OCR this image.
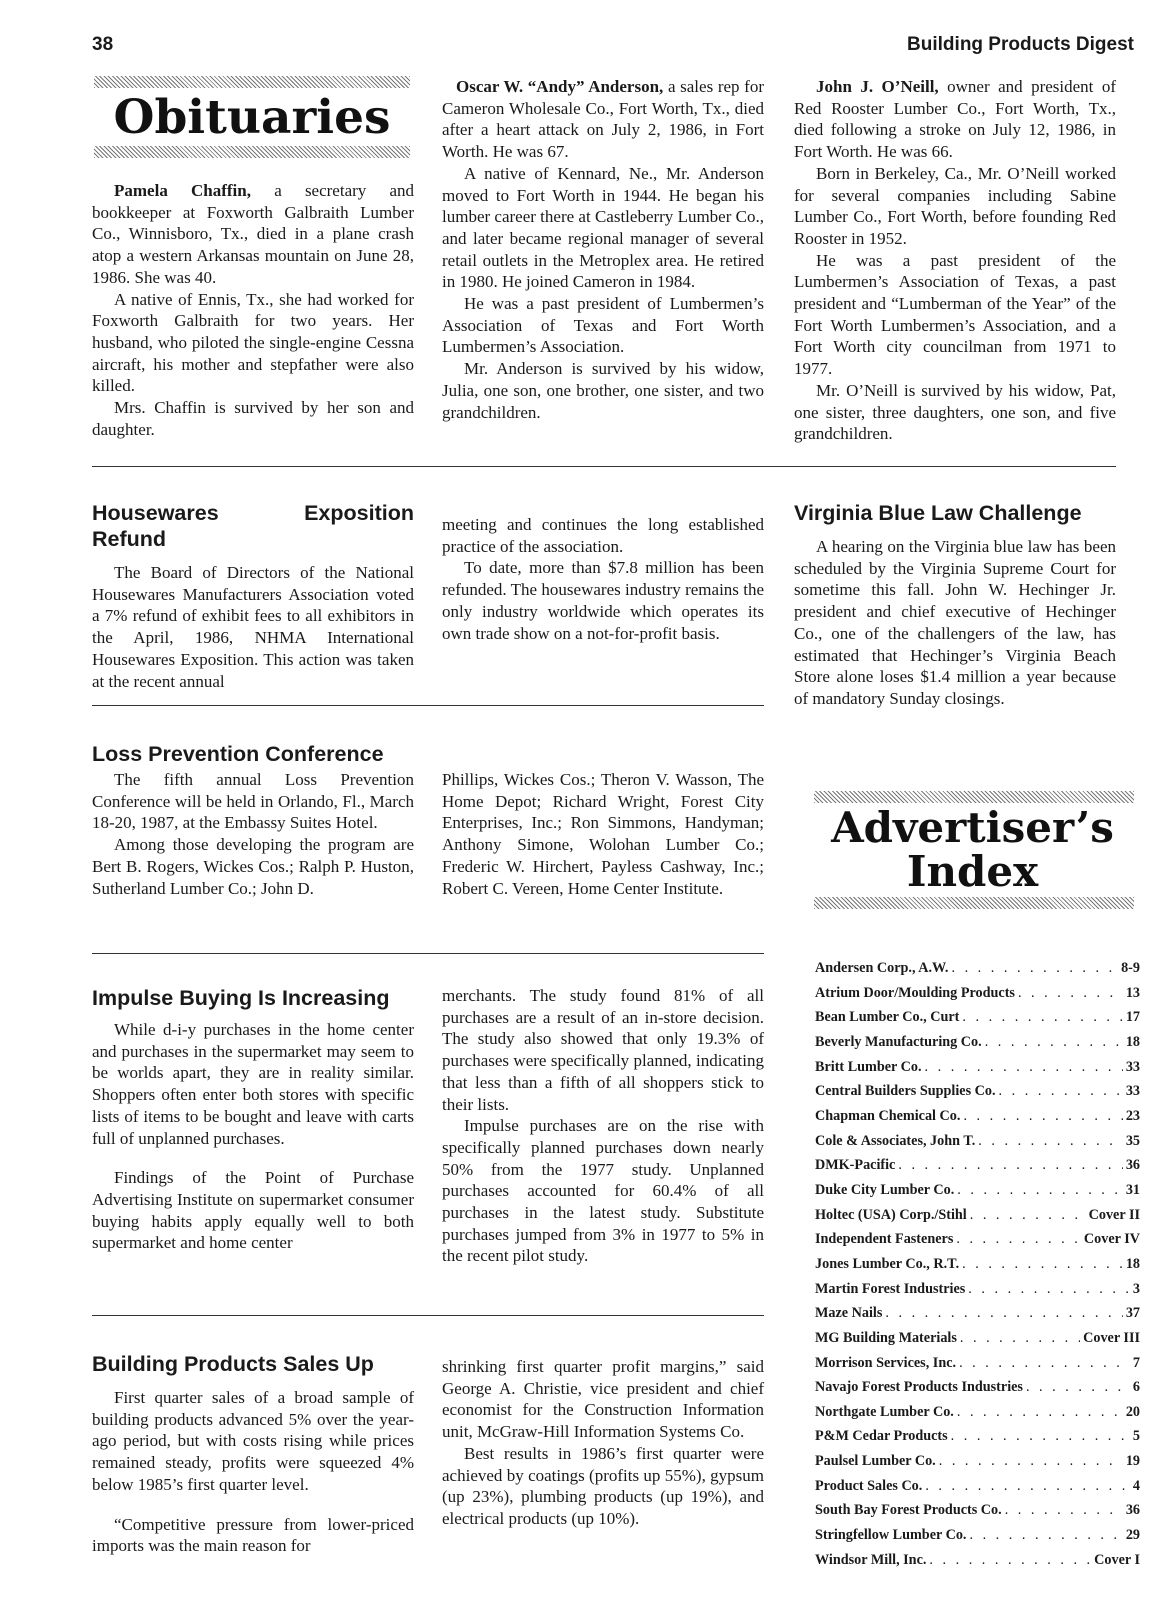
38	Building Products Digest
Obituaries

Pamela Chaffin, a secretary and bookkeeper at Foxworth Galbraith Lumber Co., Winnisboro, Tx., died in a plane crash atop a western Arkansas mountain on June 28, 1986. She was 40.

A native of Ennis, Tx., she had worked for Foxworth Galbraith for two years. Her husband, who piloted the single-engine Cessna aircraft, his mother and stepfather were also killed.

Mrs. Chaffin is survived by her son and daughter.

Oscar W. “Andy” Anderson, a sales rep for Cameron Wholesale Co., Fort Worth, Tx., died after a heart attack on July 2, 1986, in Fort Worth. He was 67.

A native of Kennard, Ne., Mr. Anderson moved to Fort Worth in 1944. He began his lumber career there at Castleberry Lumber Co., and later became regional manager of several retail outlets in the Metroplex area. He retired in 1980. He joined Cameron in 1984.

He was a past president of Lumbermen’s Association of Texas and Fort Worth Lumbermen’s Association.

Mr. Anderson is survived by his widow, Julia, one son, one brother, one sister, and two grandchildren.

John J. O’Neill, owner and president of Red Rooster Lumber Co., Fort Worth, Tx., died following a stroke on July 12, 1986, in Fort Worth. He was 66.

Born in Berkeley, Ca., Mr. O’Neill worked for several companies including Sabine Lumber Co., Fort Worth, before founding Red Rooster in 1952.

He was a past president of the Lumbermen’s Association of Texas, a past president and “Lumberman of the Year” of the Fort Worth Lumbermen’s Association, and a Fort Worth city councilman from 1971 to 1977.

Mr. O’Neill is survived by his widow, Pat, one sister, three daughters, one son, and five grandchildren.

Housewares Exposition Refund

The Board of Directors of the National Housewares Manufacturers Association voted a 7% refund of exhibit fees to all exhibitors in the April, 1986, NHMA International Housewares Exposition. This action was taken at the recent annual

meeting and continues the long established practice of the association.

To date, more than $7.8 million has been refunded. The housewares industry remains the only industry worldwide which operates its own trade show on a not-for-profit basis.

Virginia Blue Law Challenge

A hearing on the Virginia blue law has been scheduled by the Virginia Supreme Court for sometime this fall. John W. Hechinger Jr. president and chief executive of Hechinger Co., one of the challengers of the law, has estimated that Hechinger’s Virginia Beach Store alone loses $1.4 million a year because of mandatory Sunday closings.

Loss Prevention Conference

The fifth annual Loss Prevention Conference will be held in Orlando, Fl., March 18-20, 1987, at the Embassy Suites Hotel.

Among those developing the program are Bert B. Rogers, Wickes Cos.; Ralph P. Huston, Sutherland Lumber Co.; John D.

Phillips, Wickes Cos.; Theron V. Wasson, The Home Depot; Richard Wright, Forest City Enterprises, Inc.; Ron Simmons, Handyman; Anthony Simone, Wolohan Lumber Co.; Frederic W. Hirchert, Payless Cashway, Inc.; Robert C. Vereen, Home Center Institute.

Advertiser’s
Index
Impulse Buying Is Increasing

While d-i-y purchases in the home center and purchases in the supermarket may seem to be worlds apart, they are in reality similar. Shoppers often enter both stores with specific lists of items to be bought and leave with carts full of unplanned purchases.

Findings of the Point of Purchase Advertising Institute on supermarket consumer buying habits apply equally well to both supermarket and home center

merchants. The study found 81% of all purchases are a result of an in-store decision. The study also showed that only 19.3% of purchases were specifically planned, indicating that less than a fifth of all shoppers stick to their lists.

Impulse purchases are on the rise with specifically planned purchases down nearly 50% from the 1977 study. Unplanned purchases accounted for 60.4% of all purchases in the latest study. Substitute purchases jumped from 3% in 1977 to 5% in the recent pilot study.

Building Products Sales Up

First quarter sales of a broad sample of building products advanced 5% over the year-ago period, but with costs rising while prices remained steady, profits were squeezed 4% below 1985’s first quarter level.

“Competitive pressure from lower-priced imports was the main reason for

shrinking first quarter profit margins,” said George A. Christie, vice president and chief economist for the Construction Information unit, McGraw-Hill Information Systems Co.

Best results in 1986’s first quarter were achieved by coatings (profits up 55%), gypsum (up 23%), plumbing products (up 19%), and electrical products (up 10%).

Andersen Corp., A.W. . . .	8-9
Atrium Door/Moulding Products . . .	13
Bean Lumber Co., Curt . . .	17
Beverly Manufacturing Co. . . .	18
Britt Lumber Co. . . .	33
Central Builders Supplies Co. . . .	33
Chapman Chemical Co. . . .	23
Cole & Associates, John T. . . .	35
DMK-Pacific . . .	36
Duke City Lumber Co. . . .	31
Holtec (USA) Corp./Stihl . . .	Cover II
Independent Fasteners . . .	Cover IV
Jones Lumber Co., R.T. . . .	18
Martin Forest Industries . . .	3
Maze Nails . . .	37
MG Building Materials . . .	Cover III
Morrison Services, Inc. . . .	7
Navajo Forest Products Industries . . .	6
Northgate Lumber Co. . . .	20
P&M Cedar Products . . .	5
Paulsel Lumber Co. . . .	19
Product Sales Co. . . .	4
South Bay Forest Products Co. . . .	36
Stringfellow Lumber Co. . . .	29
Windsor Mill, Inc. . . .	Cover I
